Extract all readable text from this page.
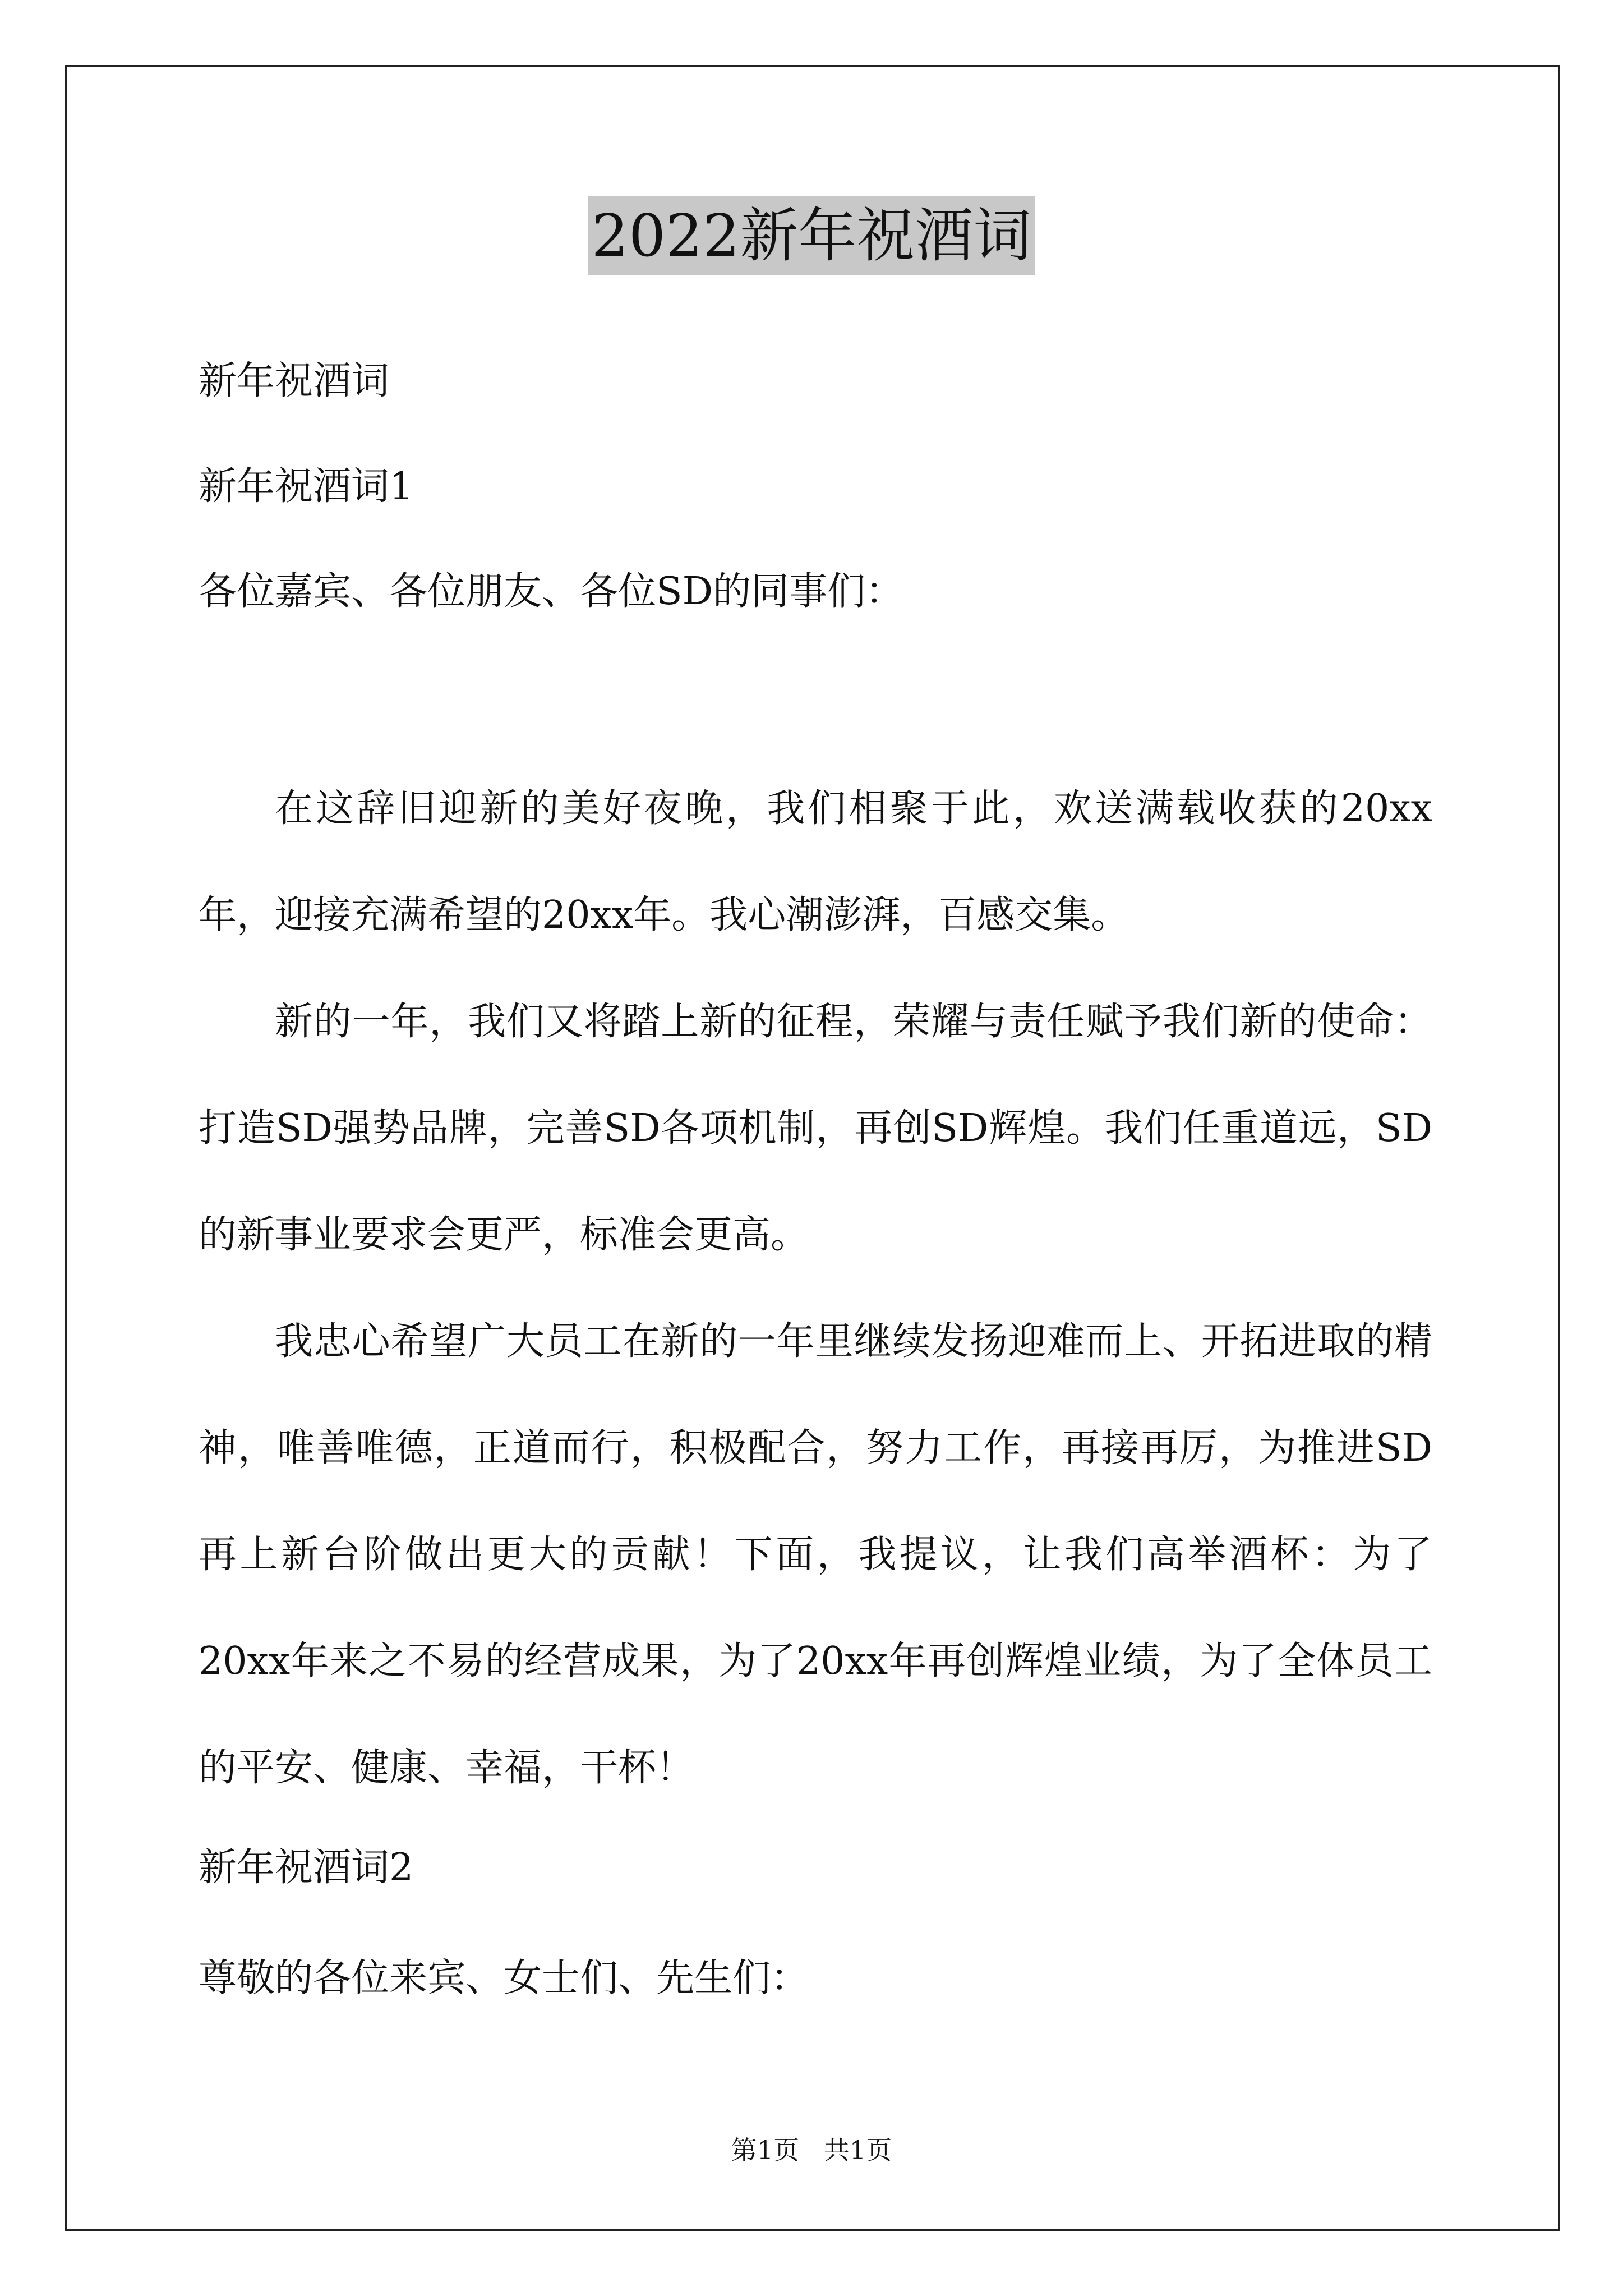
2022新年祝酒词
新年祝酒词
新年祝酒词1
各位嘉宾、各位朋友、各位SD的同事们：
在这辞旧迎新的美好夜晚，我们相聚于此，欢送满载收获的20xx年，迎接充满希望的20xx年。我心潮澎湃，百感交集。
新的一年，我们又将踏上新的征程，荣耀与责任赋予我们新的使命：打造SD强势品牌，完善SD各项机制，再创SD辉煌。我们任重道远，SD的新事业要求会更严，标准会更高。
我忠心希望广大员工在新的一年里继续发扬迎难而上、开拓进取的精神，唯善唯德，正道而行，积极配合，努力工作，再接再厉，为推进SD再上新台阶做出更大的贡献！下面，我提议，让我们高举酒杯：为了20xx年来之不易的经营成果，为了20xx年再创辉煌业绩，为了全体员工的平安、健康、幸福，干杯！
新年祝酒词2
尊敬的各位来宾、女士们、先生们：
第1页   共1页
